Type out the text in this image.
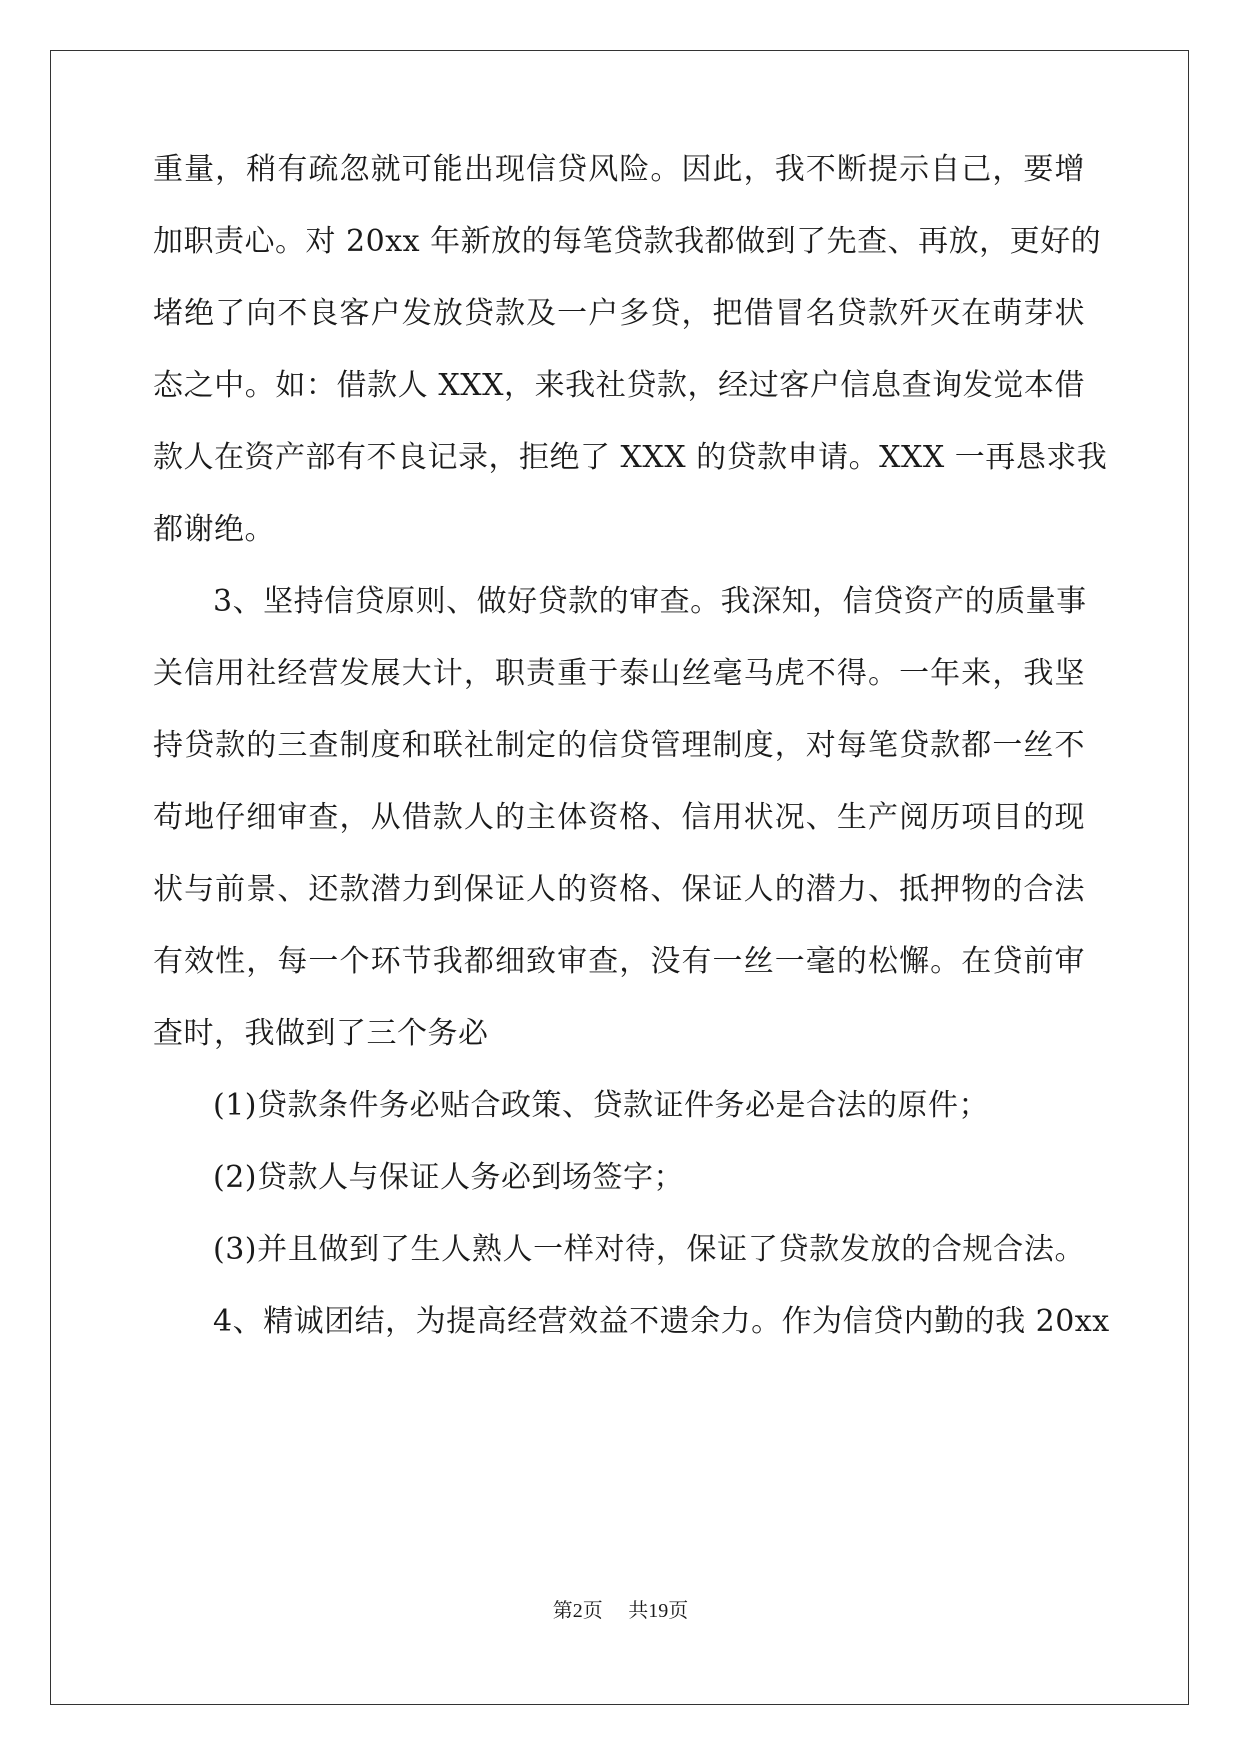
重量，稍有疏忽就可能出现信贷风险。因此，我不断提示自己，要增
加职责心。对 20xx 年新放的每笔贷款我都做到了先查、再放，更好的
堵绝了向不良客户发放贷款及一户多贷，把借冒名贷款歼灭在萌芽状
态之中。如：借款人 XXX，来我社贷款，经过客户信息查询发觉本借
款人在资产部有不良记录，拒绝了 XXX 的贷款申请。XXX 一再恳求我
都谢绝。
3、坚持信贷原则、做好贷款的审查。我深知，信贷资产的质量事
关信用社经营发展大计，职责重于泰山丝毫马虎不得。一年来，我坚
持贷款的三查制度和联社制定的信贷管理制度，对每笔贷款都一丝不
苟地仔细审查，从借款人的主体资格、信用状况、生产阅历项目的现
状与前景、还款潜力到保证人的资格、保证人的潜力、抵押物的合法
有效性，每一个环节我都细致审查，没有一丝一毫的松懈。在贷前审
查时，我做到了三个务必
(1)贷款条件务必贴合政策、贷款证件务必是合法的原件；
(2)贷款人与保证人务必到场签字；
(3)并且做到了生人熟人一样对待，保证了贷款发放的合规合法。
4、精诚团结，为提高经营效益不遗余力。作为信贷内勤的我 20xx
第2页 共19页
